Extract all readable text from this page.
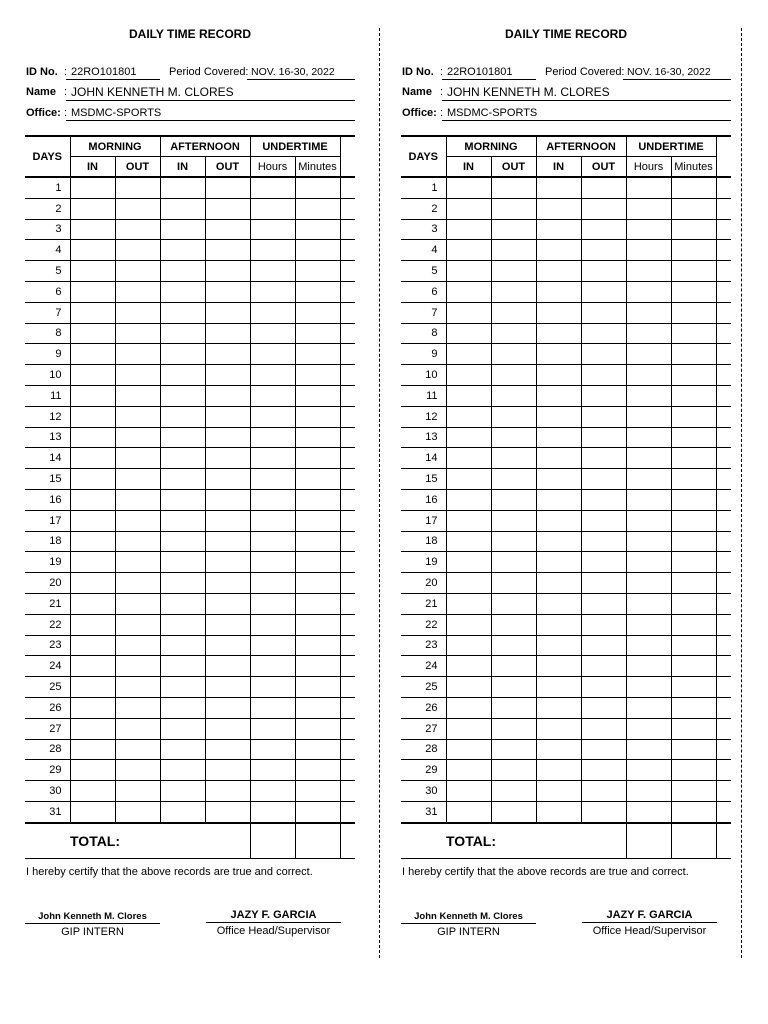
DAILY TIME RECORD
ID No. : 22RO101801	Period Covered: NOV. 16-30, 2022
Name : JOHN KENNETH M. CLORES
Office: : MSDMC-SPORTS
DAYS	MORNING		AFTERNOON		UNDERTIME		
	IN	OUT	IN	OUT	Hours	Minutes	
1							
2							
3							
4							
5							
6							
7							
8							
9							
10							
11							
12							
13							
14							
15							
16							
17							
18							
19							
20							
21							
22							
23							
24							
25							
26							
27							
28							
29							
30							
31							
TOTAL:							
I hereby certify that the above records are true and correct.
John Kenneth M. Clores
GIP INTERN
JAZY F. GARCIA
Office Head/Supervisor
DAILY TIME RECORD
ID No. : 22RO101801	Period Covered: NOV. 16-30, 2022
Name : JOHN KENNETH M. CLORES
Office: : MSDMC-SPORTS
DAYS	MORNING		AFTERNOON		UNDERTIME		
	IN	OUT	IN	OUT	Hours	Minutes	
1							
2							
3							
4							
5							
6							
7							
8							
9							
10							
11							
12							
13							
14							
15							
16							
17							
18							
19							
20							
21							
22							
23							
24							
25							
26							
27							
28							
29							
30							
31							
TOTAL:							
I hereby certify that the above records are true and correct.
John Kenneth M. Clores
GIP INTERN
JAZY F. GARCIA
Office Head/Supervisor
